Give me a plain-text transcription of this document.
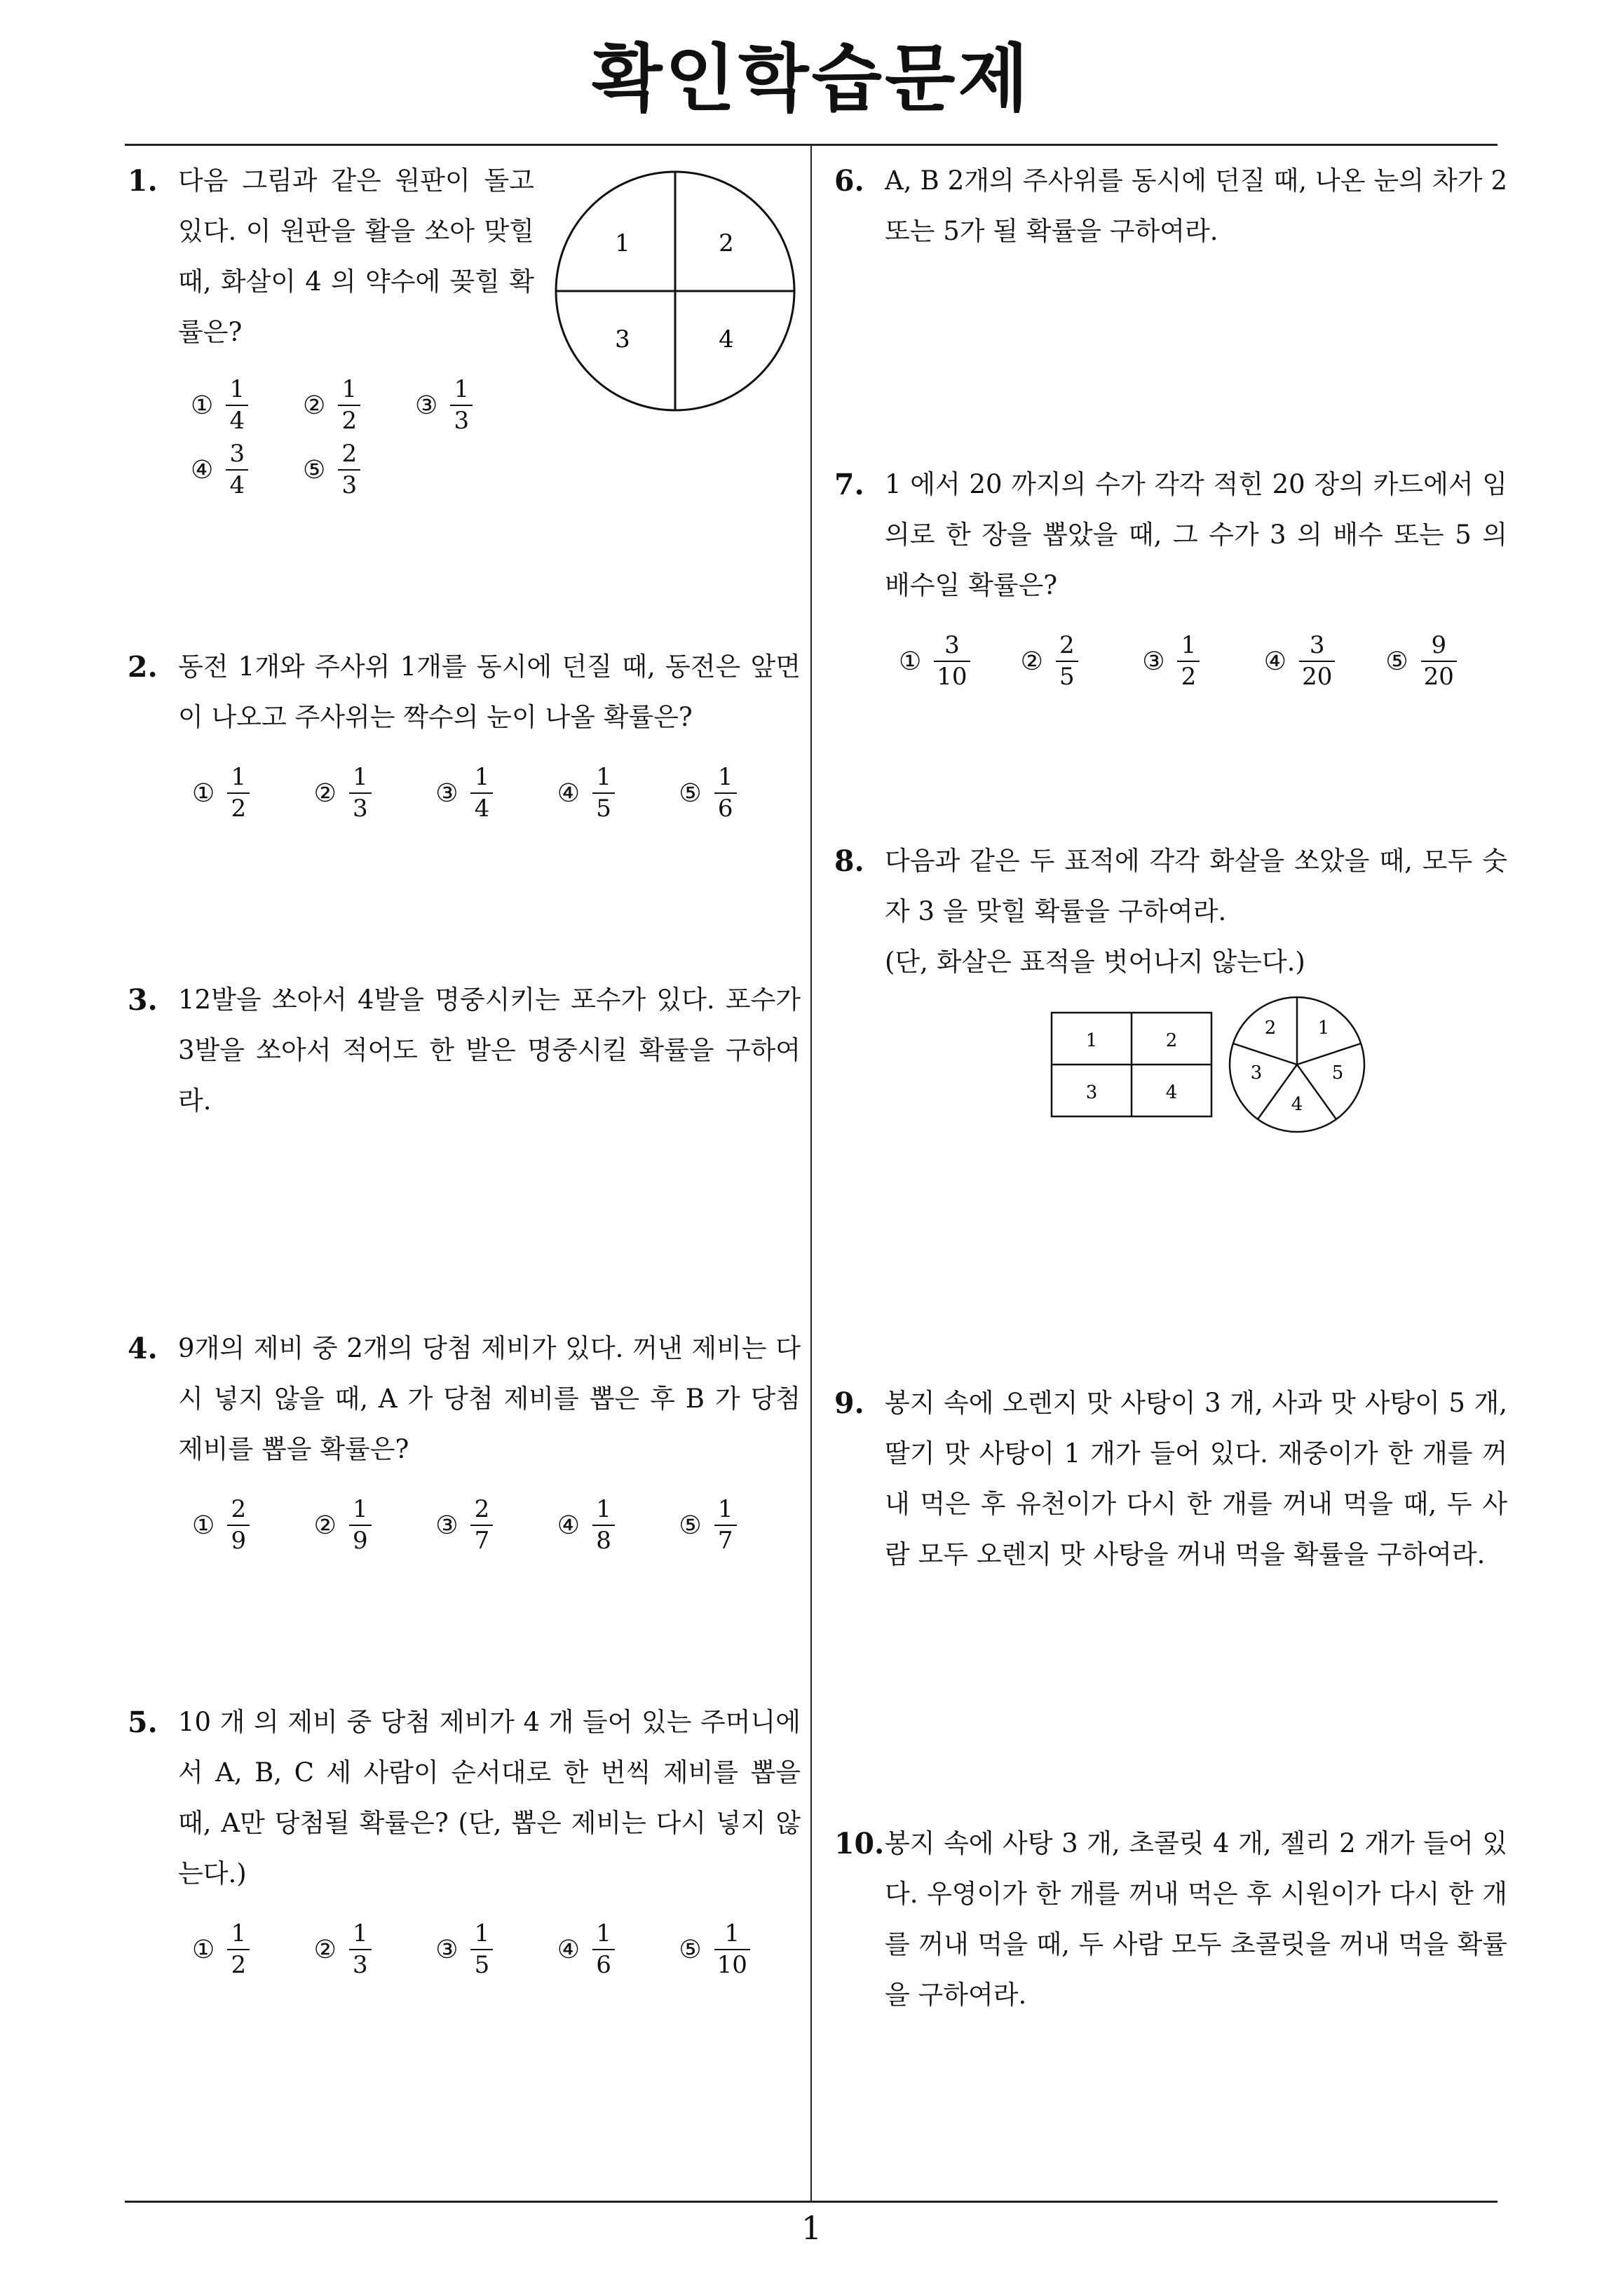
확인학습문제
1
1. 다음 그림과 같은 원판이 돌고 있다. 이 원판을 활을 쏘아 맞힐 때, 화살이 4 의 약수에 꽂힐 확률은?
① $\frac{1}{4}$ ② $\frac{1}{2}$ ③ $\frac{1}{3}$
④ $\frac{3}{4}$ ⑤ $\frac{2}{3}$
1	2
3	4
2. 동전 1개와 주사위 1개를 동시에 던질 때, 동전은 앞면이 나오고 주사위는 짝수의 눈이 나올 확률은?
① $\frac{1}{2}$	② $\frac{1}{3}$	③ $\frac{1}{4}$	④ $\frac{1}{5}$	⑤ $\frac{1}{6}$
3. 12발을 쏘아서 4발을 명중시키는 포수가 있다. 포수가 3발을 쏘아서 적어도 한 발은 명중시킬 확률을 구하여라.
4. 9개의 제비 중 2개의 당첨 제비가 있다. 꺼낸 제비는 다시 넣지 않을 때, A 가 당첨 제비를 뽑은 후 B 가 당첨 제비를 뽑을 확률은?
① $\frac{2}{9}$	② $\frac{1}{9}$	③ $\frac{2}{7}$	④ $\frac{1}{8}$	⑤ $\frac{1}{7}$
5. 10 개 의 제비 중 당첨 제비가 4 개 들어 있는 주머니에서 A, B, C 세 사람이 순서대로 한 번씩 제비를 뽑을 때, A만 당첨될 확률은? (단, 뽑은 제비는 다시 넣지 않는다.)
① $\frac{1}{2}$	② $\frac{1}{3}$	③ $\frac{1}{5}$	④ $\frac{1}{6}$	⑤ $\frac{1}{10}$
6. A, B 2개의 주사위를 동시에 던질 때, 나온 눈의 차가 2 또는 5가 될 확률을 구하여라.
7. 1 에서 20 까지의 수가 각각 적힌 20 장의 카드에서 임의로 한 장을 뽑았을 때, 그 수가 3 의 배수 또는 5 의 배수일 확률은?
① $\frac{3}{10}$ ② $\frac{2}{5}$	③ $\frac{1}{2}$	④ $\frac{3}{20}$ ⑤ $\frac{9}{20}$
8. 다음과 같은 두 표적에 각각 화살을 쏘았을 때, 모두 숫자 3 을 맞힐 확률을 구하여라.
(단, 화살은 표적을 벗어나지 않는다.)
1	2
3	4
2 1
3	5
4
9. 봉지 속에 오렌지 맛 사탕이 3 개, 사과 맛 사탕이 5 개, 딸기 맛 사탕이 1 개가 들어 있다. 재중이가 한 개를 꺼내 먹은 후 유천이가 다시 한 개를 꺼내 먹을 때, 두 사람 모두 오렌지 맛 사탕을 꺼내 먹을 확률을 구하여라.
10. 봉지 속에 사탕 3 개, 초콜릿 4 개, 젤리 2 개가 들어 있다. 우영이가 한 개를 꺼내 먹은 후 시원이가 다시 한 개를 꺼내 먹을 때, 두 사람 모두 초콜릿을 꺼내 먹을 확률을 구하여라.
